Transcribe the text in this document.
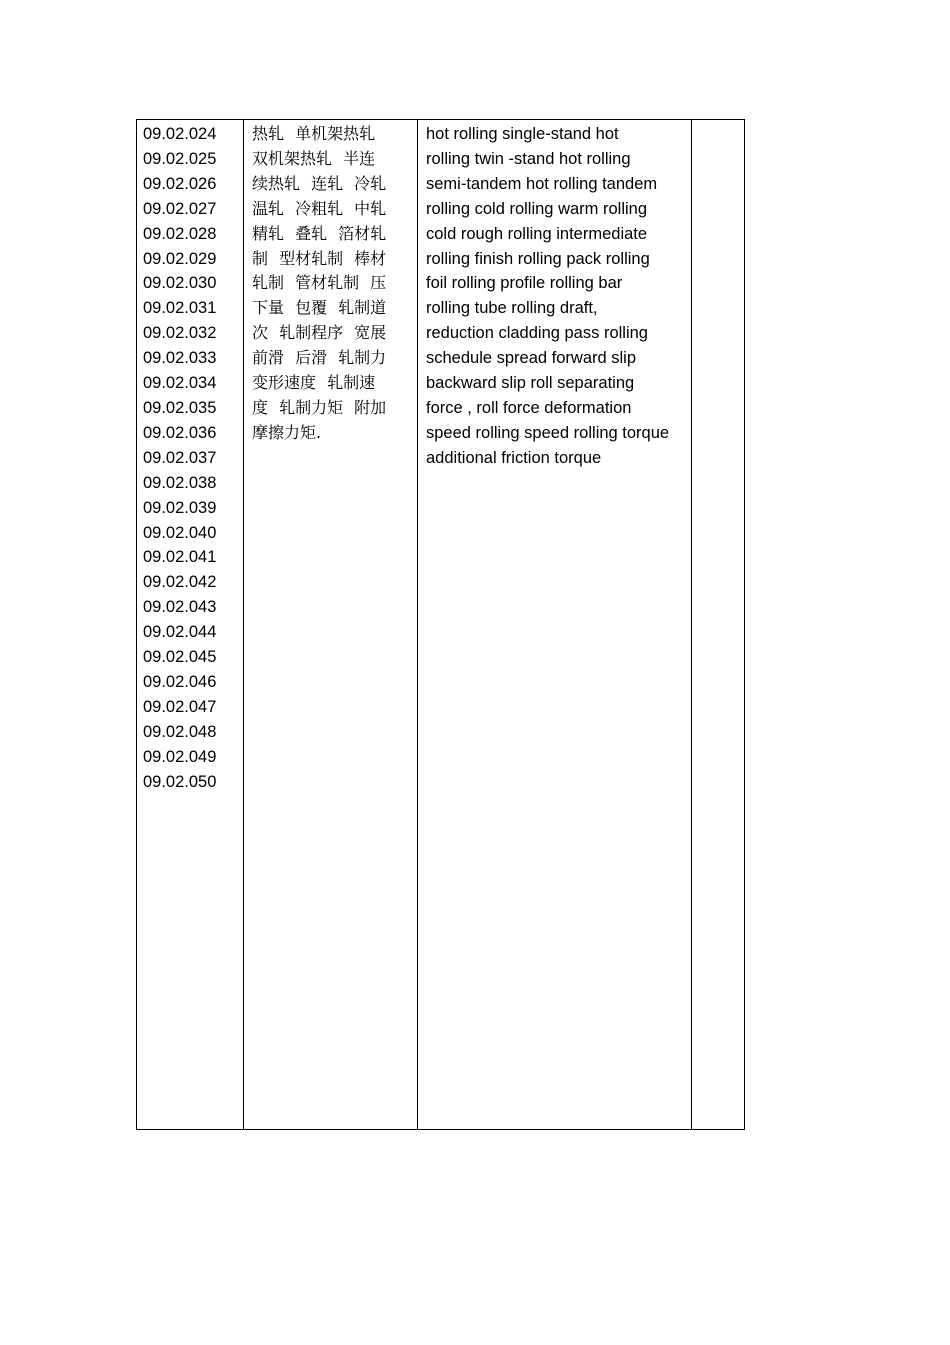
09.02.024
09.02.025
09.02.026
09.02.027
09.02.028
09.02.029
09.02.030
09.02.031
09.02.032
09.02.033
09.02.034
09.02.035
09.02.036
09.02.037
09.02.038
09.02.039
09.02.040
09.02.041
09.02.042
09.02.043
09.02.044
09.02.045
09.02.046
09.02.047
09.02.048
09.02.049
09.02.050
热轧 单机架热轧
双机架热轧 半连
续热轧 连轧 冷轧
温轧 冷粗轧 中轧
精轧 叠轧 箔材轧
制 型材轧制 棒材
轧制 管材轧制 压
下量 包覆 轧制道
次 轧制程序 宽展
前滑 后滑 轧制力
变形速度 轧制速
度 轧制力矩 附加
摩擦力矩.
hot rolling single-stand hot
rolling twin -stand hot rolling
semi-tandem hot rolling tandem
rolling cold rolling warm rolling
cold rough rolling intermediate
rolling finish rolling pack rolling
foil rolling profile rolling bar
rolling tube rolling draft,
reduction cladding pass rolling
schedule spread forward slip
backward slip roll separating
force , roll force deformation
speed rolling speed rolling torque
additional friction torque
